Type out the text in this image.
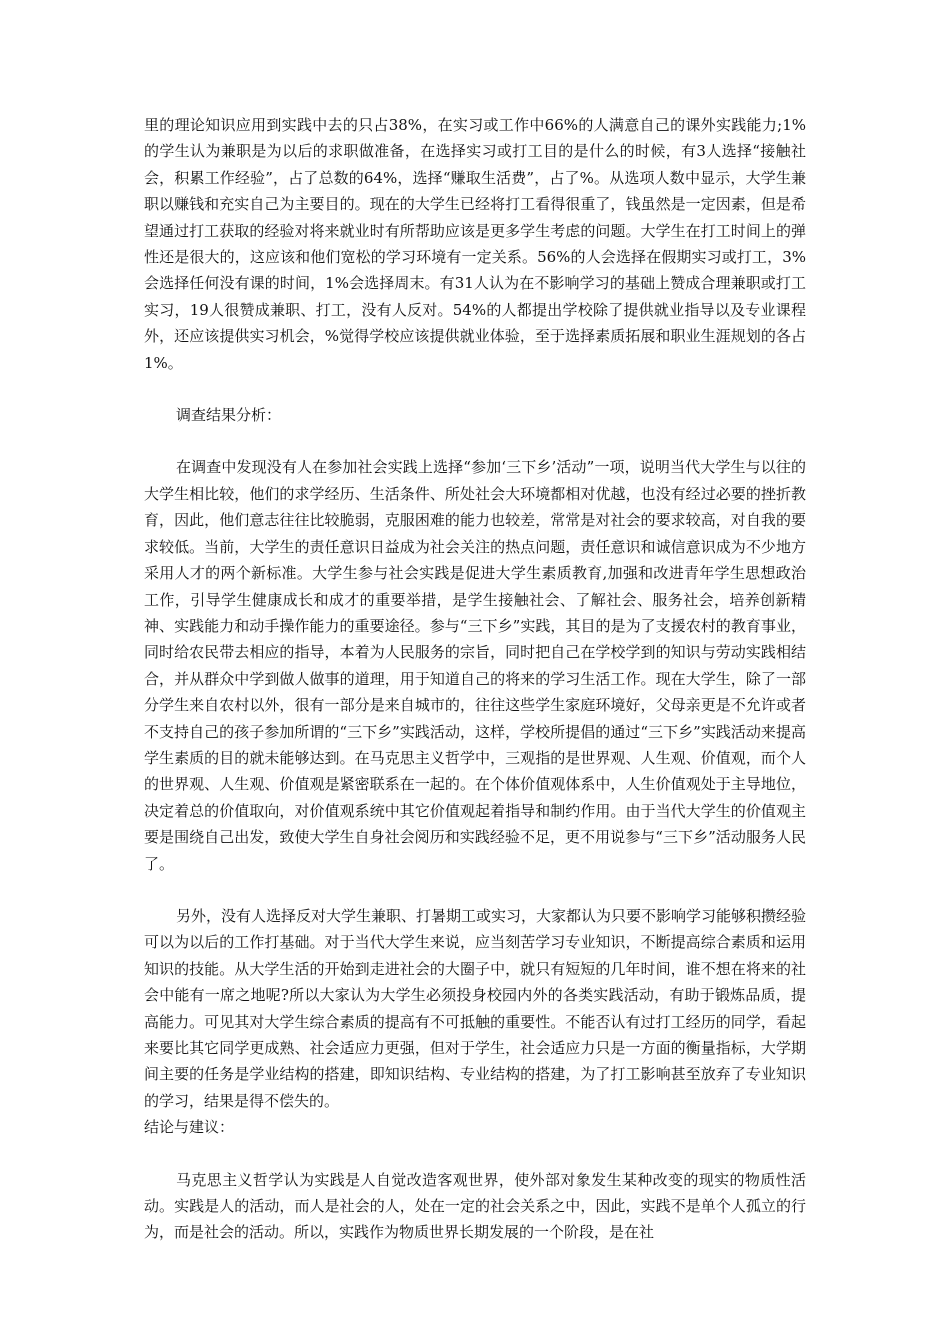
里的理论知识应用到实践中去的只占38%，在实习或工作中66%的人满意自己的课外实践能力;1%的学生认为兼职是为以后的求职做准备，在选择实习或打工目的是什么的时候，有3人选择“接触社会，积累工作经验”，占了总数的64%，选择“赚取生活费”，占了%。从选项人数中显示，大学生兼职以赚钱和充实自己为主要目的。现在的大学生已经将打工看得很重了，钱虽然是一定因素，但是希望通过打工获取的经验对将来就业时有所帮助应该是更多学生考虑的问题。大学生在打工时间上的弹性还是很大的，这应该和他们宽松的学习环境有一定关系。56%的人会选择在假期实习或打工，3%会选择任何没有课的时间，1%会选择周末。有31人认为在不影响学习的基础上赞成合理兼职或打工实习，19人很赞成兼职、打工，没有人反对。54%的人都提出学校除了提供就业指导以及专业课程外，还应该提供实习机会，%觉得学校应该提供就业体验，至于选择素质拓展和职业生涯规划的各占1%。

调查结果分析：

在调查中发现没有人在参加社会实践上选择“参加‘三下乡’活动”一项，说明当代大学生与以往的大学生相比较，他们的求学经历、生活条件、所处社会大环境都相对优越，也没有经过必要的挫折教育，因此，他们意志往往比较脆弱，克服困难的能力也较差，常常是对社会的要求较高，对自我的要求较低。当前，大学生的责任意识日益成为社会关注的热点问题，责任意识和诚信意识成为不少地方采用人才的两个新标准。大学生参与社会实践是促进大学生素质教育,加强和改进青年学生思想政治工作，引导学生健康成长和成才的重要举措，是学生接触社会、了解社会、服务社会，培养创新精神、实践能力和动手操作能力的重要途径。参与“三下乡”实践，其目的是为了支援农村的教育事业，同时给农民带去相应的指导，本着为人民服务的宗旨，同时把自己在学校学到的知识与劳动实践相结合，并从群众中学到做人做事的道理，用于知道自己的将来的学习生活工作。现在大学生，除了一部分学生来自农村以外，很有一部分是来自城市的，往往这些学生家庭环境好，父母亲更是不允许或者不支持自己的孩子参加所谓的“三下乡”实践活动，这样，学校所提倡的通过“三下乡”实践活动来提高学生素质的目的就未能够达到。在马克思主义哲学中，三观指的是世界观、人生观、价值观，而个人的世界观、人生观、价值观是紧密联系在一起的。在个体价值观体系中，人生价值观处于主导地位，决定着总的价值取向，对价值观系统中其它价值观起着指导和制约作用。由于当代大学生的价值观主要是围绕自己出发，致使大学生自身社会阅历和实践经验不足，更不用说参与“三下乡”活动服务人民了。

另外，没有人选择反对大学生兼职、打暑期工或实习，大家都认为只要不影响学习能够积攒经验可以为以后的工作打基础。对于当代大学生来说，应当刻苦学习专业知识，不断提高综合素质和运用知识的技能。从大学生活的开始到走进社会的大圈子中，就只有短短的几年时间，谁不想在将来的社会中能有一席之地呢?所以大家认为大学生必须投身校园内外的各类实践活动，有助于锻炼品质，提高能力。可见其对大学生综合素质的提高有不可抵触的重要性。不能否认有过打工经历的同学，看起来要比其它同学更成熟、社会适应力更强，但对于学生，社会适应力只是一方面的衡量指标，大学期间主要的任务是学业结构的搭建，即知识结构、专业结构的搭建，为了打工影响甚至放弃了专业知识的学习，结果是得不偿失的。

结论与建议：

马克思主义哲学认为实践是人自觉改造客观世界，使外部对象发生某种改变的现实的物质性活动。实践是人的活动，而人是社会的人，处在一定的社会关系之中，因此，实践不是单个人孤立的行为，而是社会的活动。所以，实践作为物质世界长期发展的一个阶段，是在社
